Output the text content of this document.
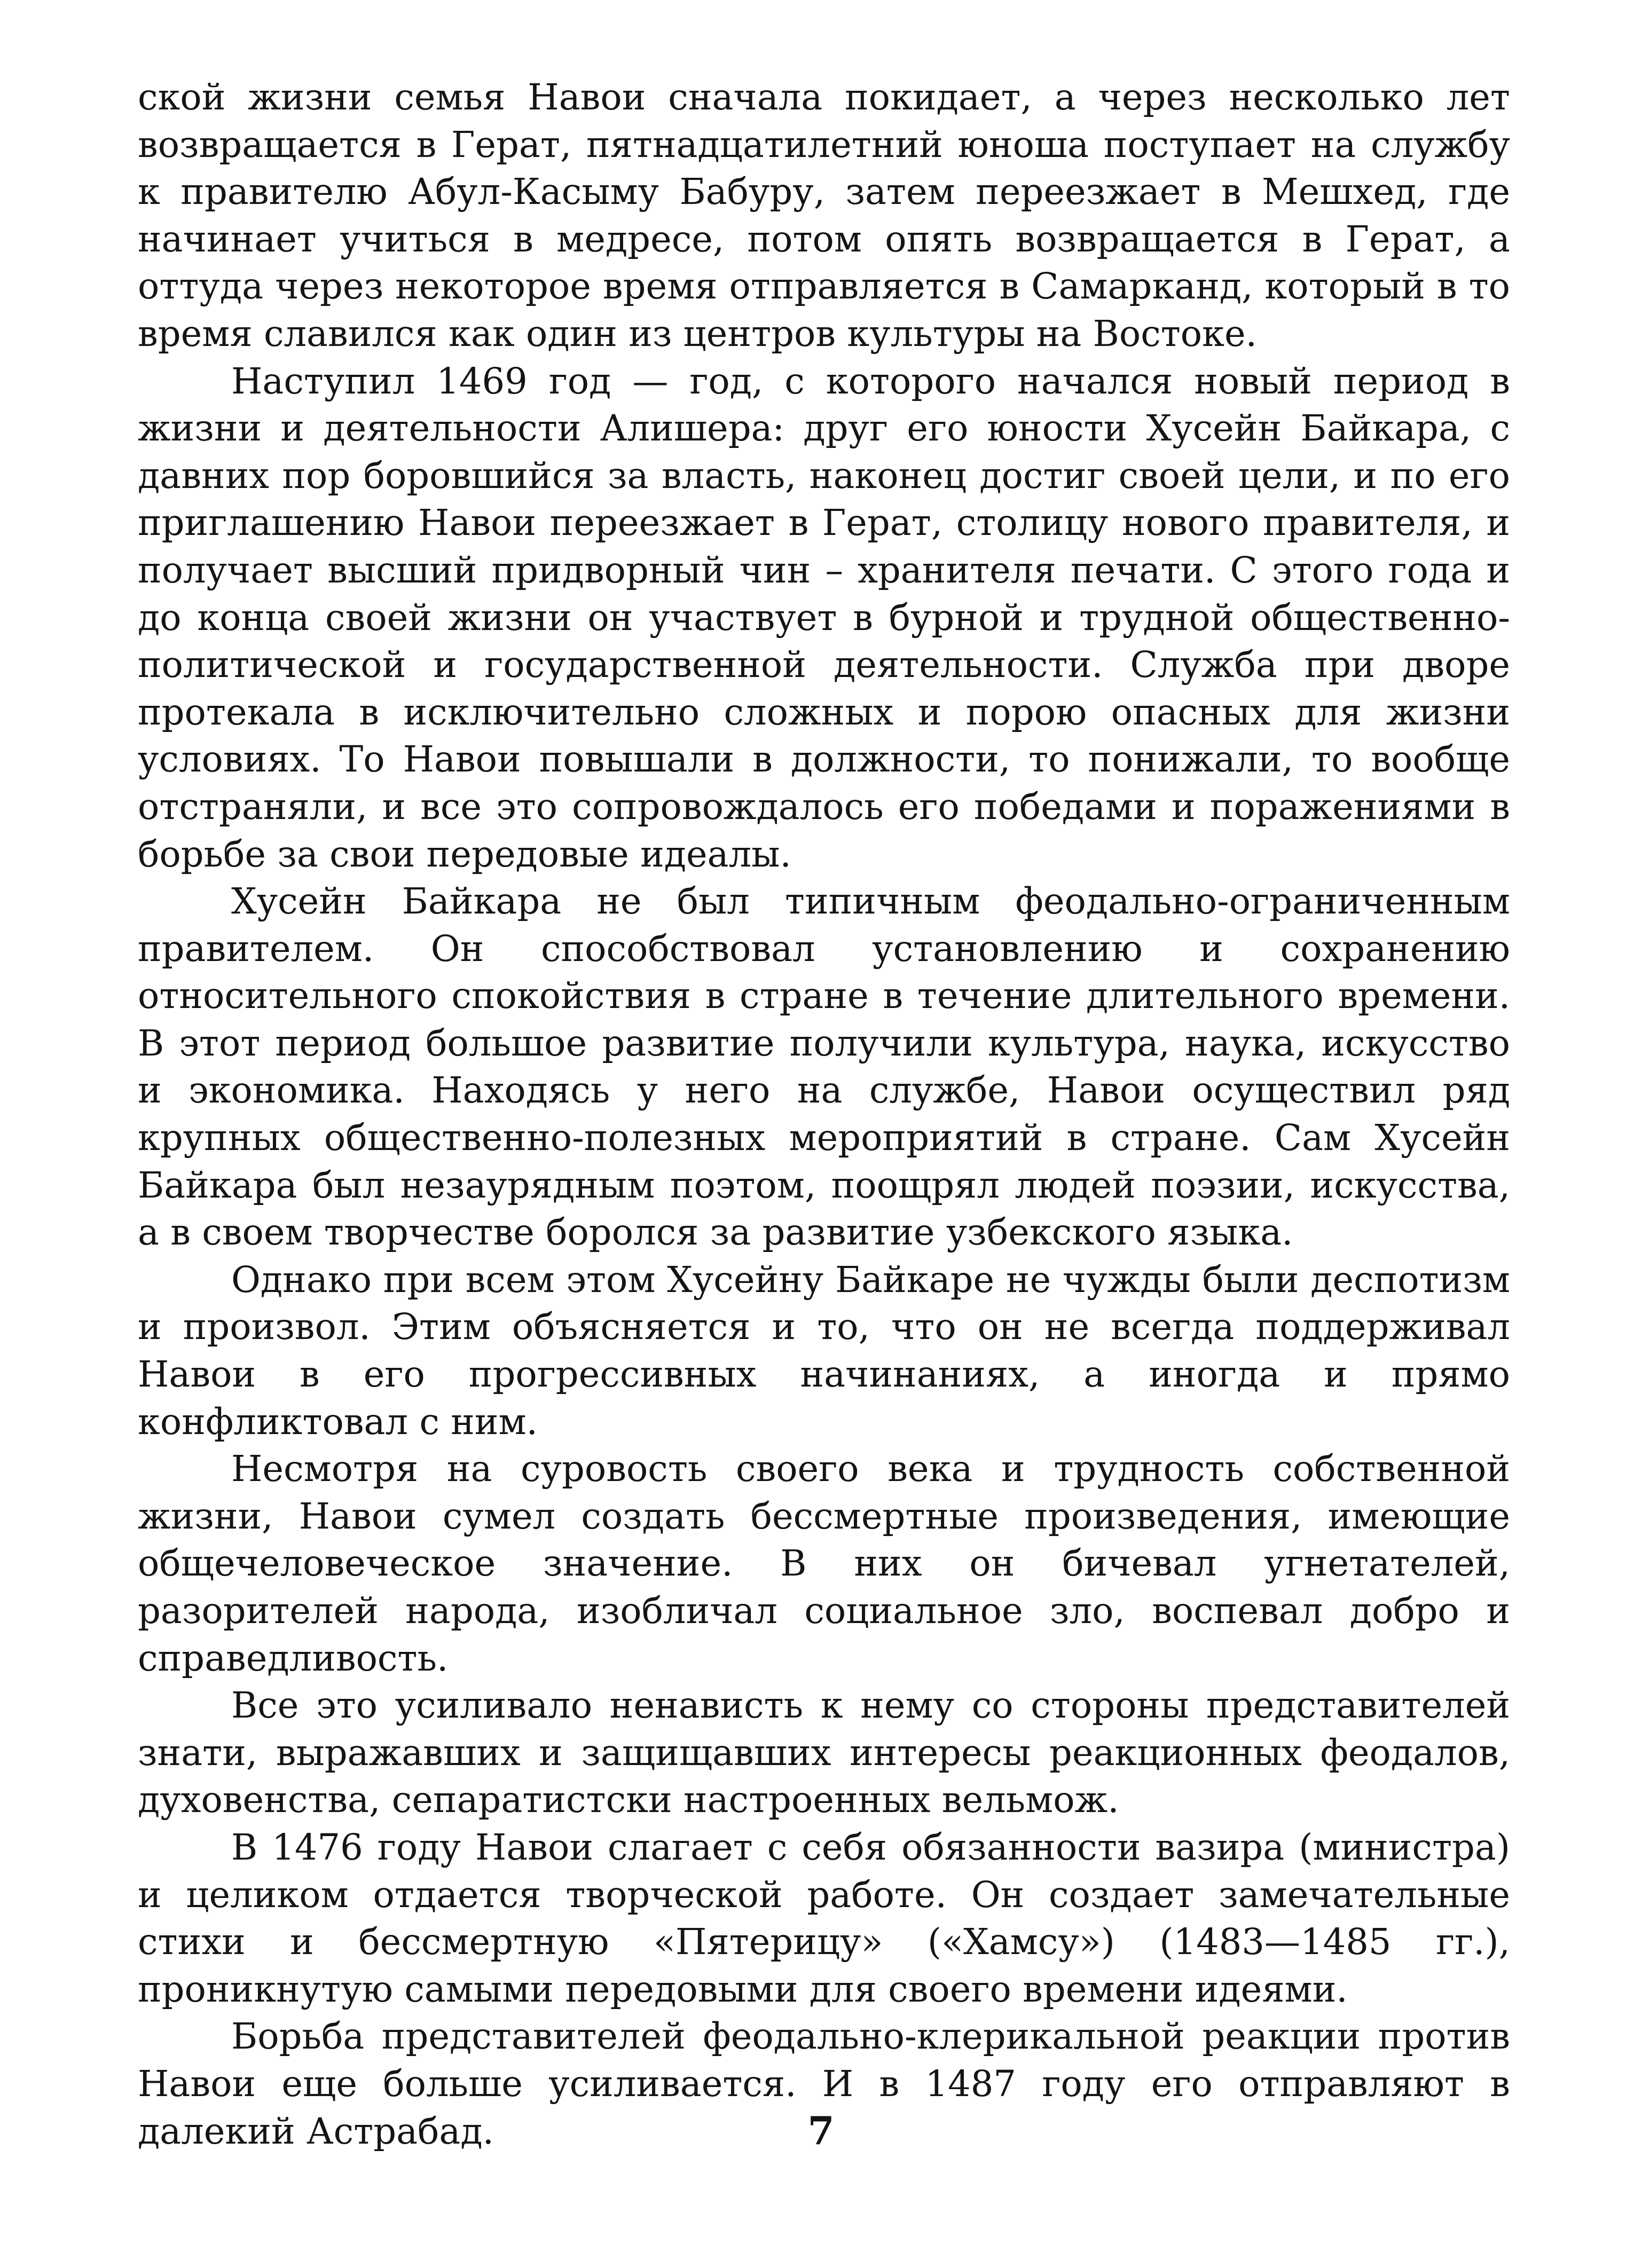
ской жизни семья Навои сначала покидает, а через несколько лет возвращается в Герат, пятнадцатилетний юноша поступает на службу к правителю Абул-Касыму Бабуру, затем переезжает в Мешхед, где начинает учиться в медресе, потом опять возвращается в Герат, а оттуда через некоторое время отправляется в Самарканд, который в то время славился как один из центров культуры на Востоке.

Наступил 1469 год — год, с которого начался новый период в жизни и деятельности Алишера: друг его юности Хусейн Байкара, с давних пор боровшийся за власть, наконец достиг своей цели, и по его приглашению Навои переезжает в Герат, столицу нового правителя, и получает высший придворный чин – хранителя печати. С этого года и до конца своей жизни он участвует в бурной и трудной общественно-политической и государственной деятельности. Служба при дворе протекала в исключительно сложных и порою опасных для жизни условиях. То Навои повышали в должности, то понижали, то вообще отстраняли, и все это сопровождалось его победами и поражениями в борьбе за свои передовые идеалы.

Хусейн Байкара не был типичным феодально-ограниченным правителем. Он способствовал установлению и сохранению относительного спокойствия в стране в течение длительного времени. В этот период большое развитие получили культура, наука, искусство и экономика. Находясь у него на службе, Навои осуществил ряд крупных общественно-полезных мероприятий в стране. Сам Хусейн Байкара был незаурядным поэтом, поощрял людей поэзии, искусства, а в своем творчестве боролся за развитие узбекского языка.

Однако при всем этом Хусейну Байкаре не чужды были деспотизм и произвол. Этим объясняется и то, что он не всегда поддерживал Навои в его прогрессивных начинаниях, а иногда и прямо конфликтовал с ним.

Несмотря на суровость своего века и трудность собственной жизни, Навои сумел создать бессмертные произведения, имеющие общечеловеческое значение. В них он бичевал угнетателей, разорителей народа, изобличал социальное зло, воспевал добро и справедливость.

Все это усиливало ненависть к нему со стороны представителей знати, выражавших и защищавших интересы реакционных феодалов, духовенства, сепаратистски настроенных вельмож.

В 1476 году Навои слагает с себя обязанности вазира (министра) и целиком отдается творческой работе. Он создает замечательные стихи и бессмертную «Пятерицу» («Хамсу») (1483—1485 гг.), проникнутую самыми передовыми для своего времени идеями.

Борьба представителей феодально-клерикальной реакции против Навои еще больше усиливается. И в 1487 году его отправляют в далекий Астрабад.	7
